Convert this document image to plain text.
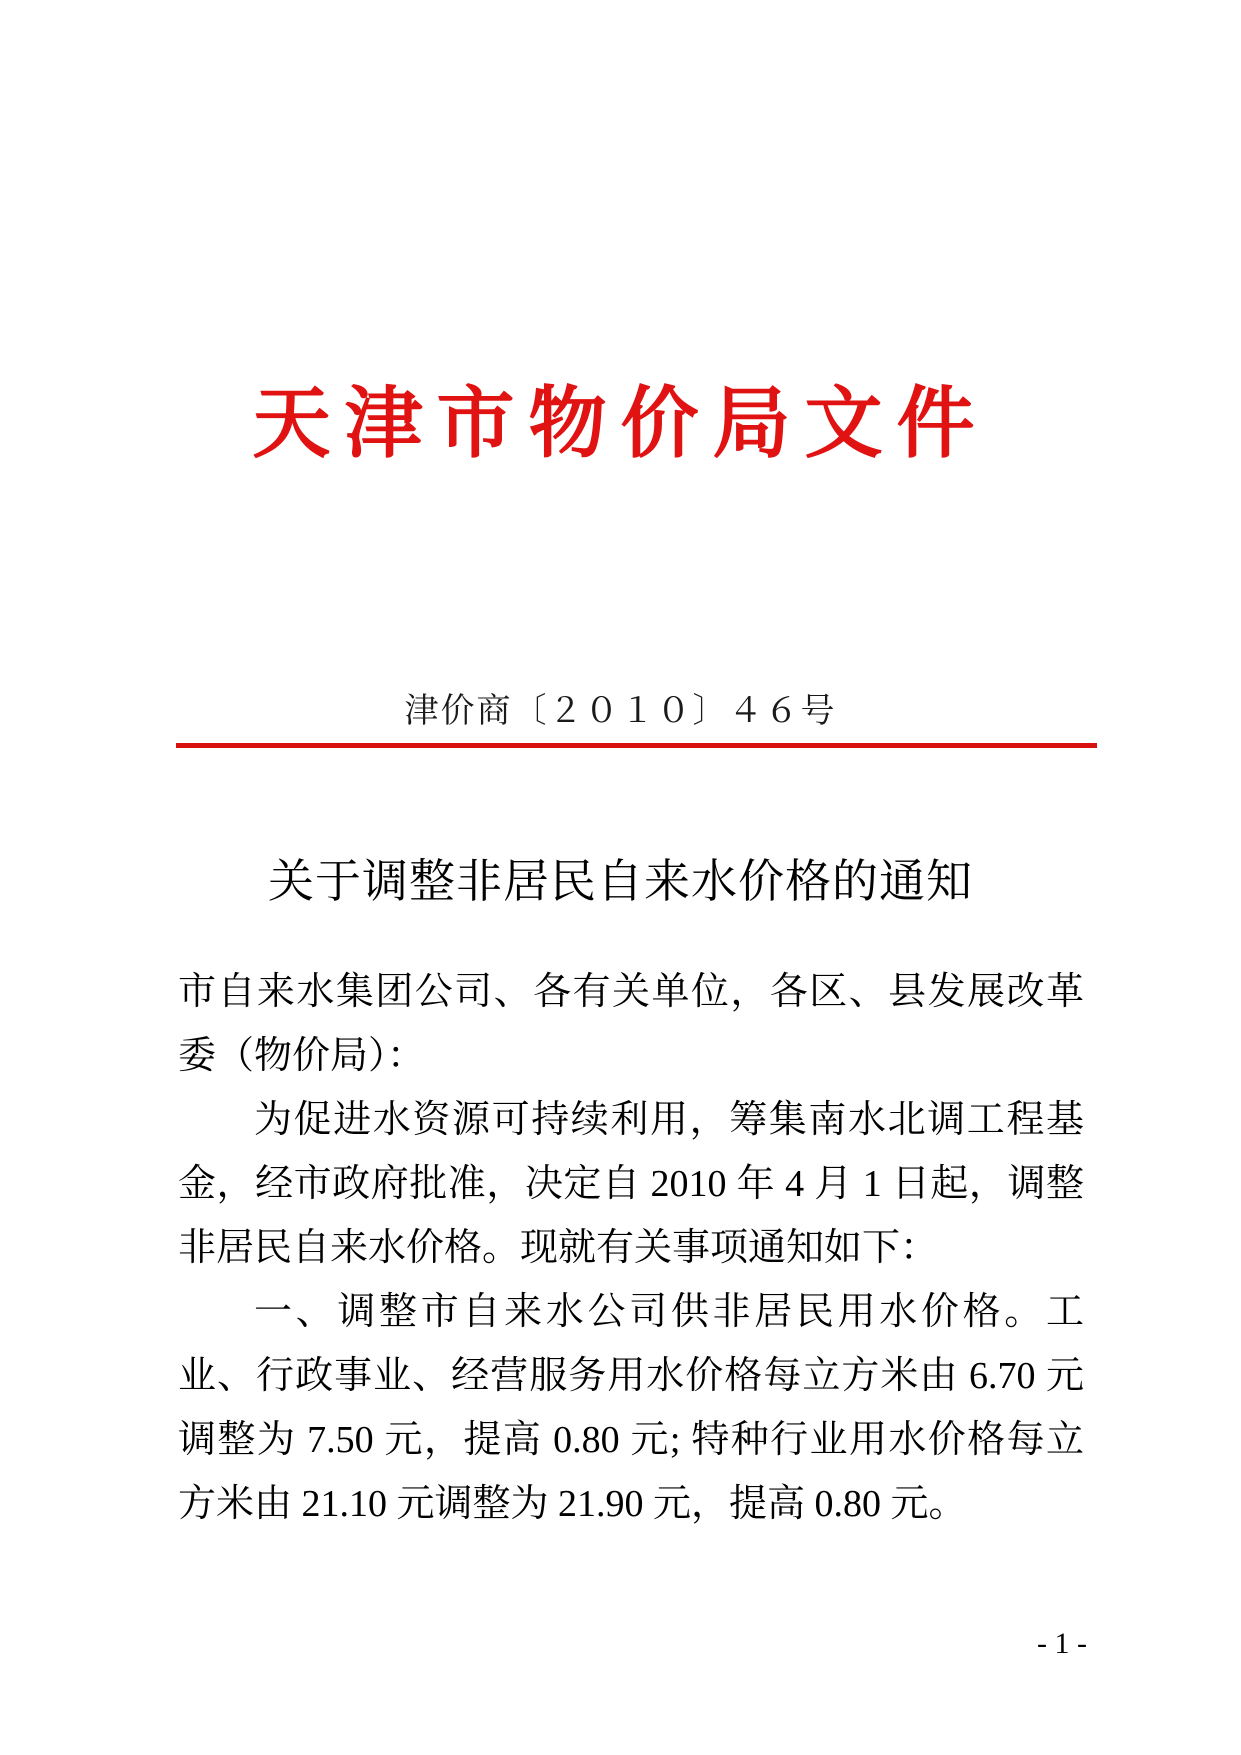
天津市物价局文件
津价商〔２０１０〕４６号
关于调整非居民自来水价格的通知

市自来水集团公司、各有关单位，各区、县发展改革委（物价局）：

为促进水资源可持续利用，筹集南水北调工程基金，经市政府批准，决定自 2010 年 4 月 1 日起，调整非居民自来水价格。现就有关事项通知如下：

一、调整市自来水公司供非居民用水价格。工业、行政事业、经营服务用水价格每立方米由 6.70 元调整为 7.50 元，提高 0.80 元; 特种行业用水价格每立方米由 21.10 元调整为 21.90 元，提高 0.80 元。

- 1 -
